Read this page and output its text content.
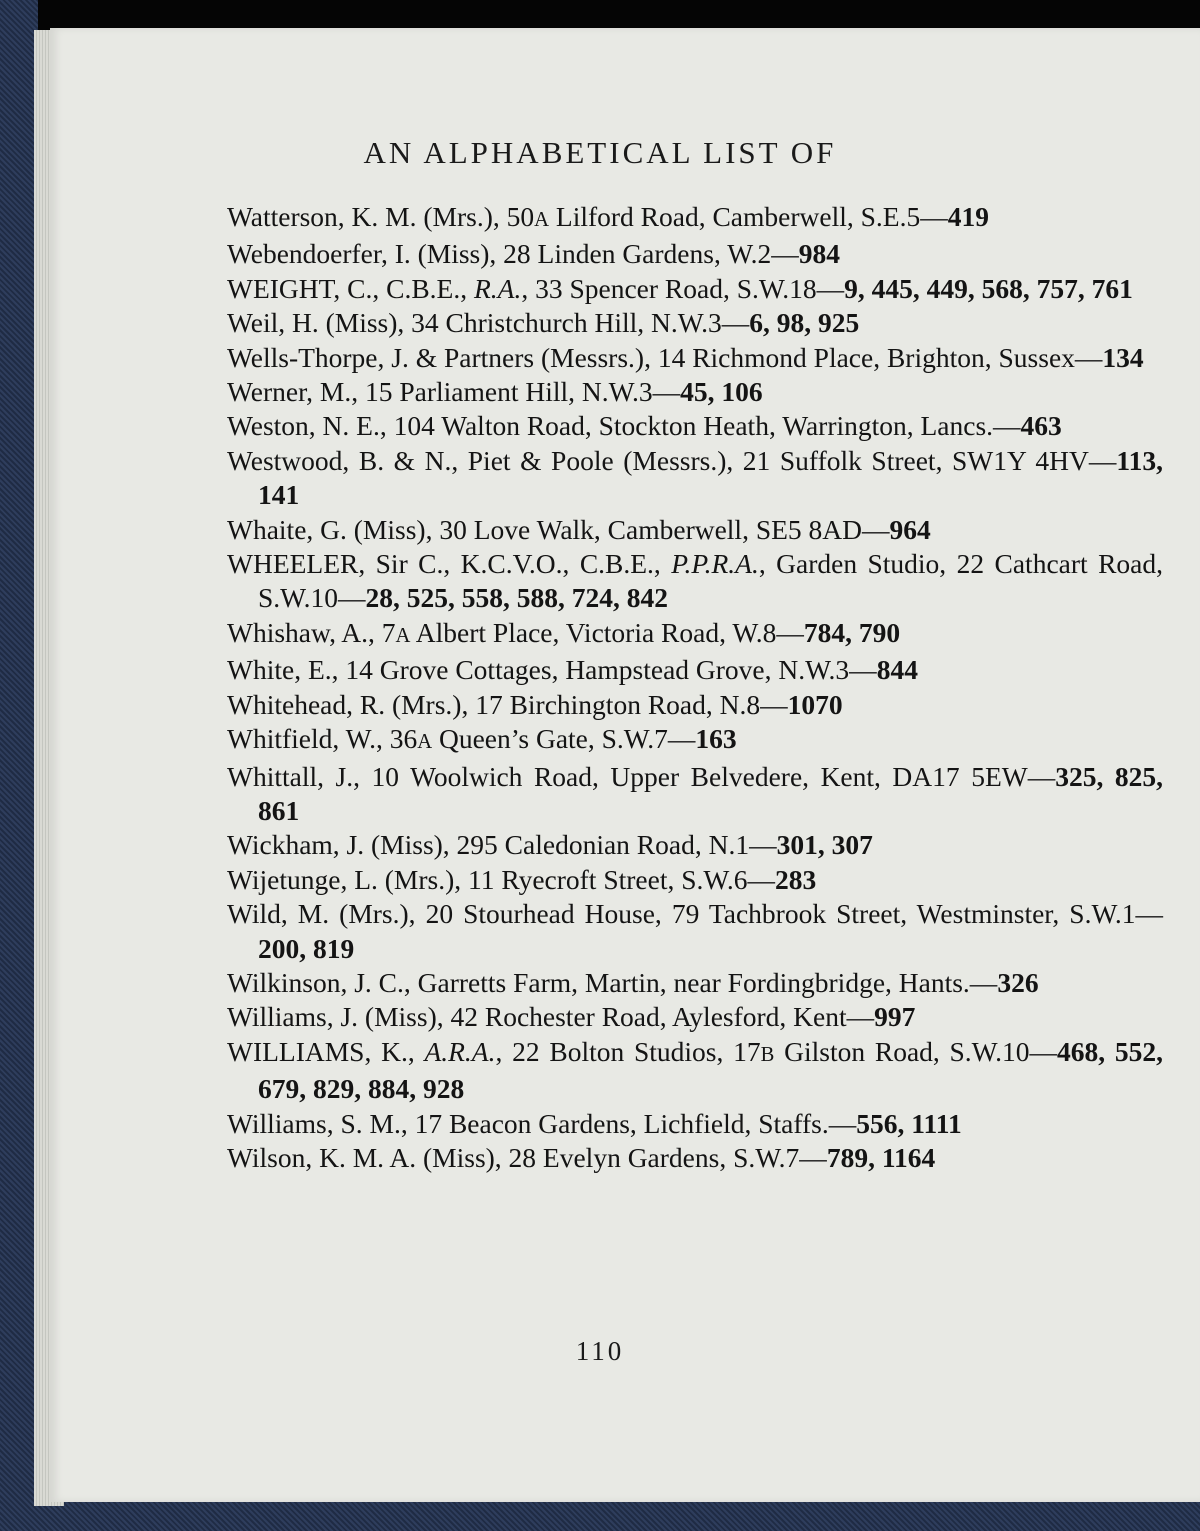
AN ALPHABETICAL LIST OF
Watterson, K. M. (Mrs.), 50A Lilford Road, Camberwell, S.E.5—419
Webendoerfer, I. (Miss), 28 Linden Gardens, W.2—984
WEIGHT, C., C.B.E., R.A., 33 Spencer Road, S.W.18—9, 445, 449, 568, 757, 761
Weil, H. (Miss), 34 Christchurch Hill, N.W.3—6, 98, 925
Wells-Thorpe, J. & Partners (Messrs.), 14 Richmond Place, Brighton, Sussex—134
Werner, M., 15 Parliament Hill, N.W.3—45, 106
Weston, N. E., 104 Walton Road, Stockton Heath, Warrington, Lancs.—463
Westwood, B. & N., Piet & Poole (Messrs.), 21 Suffolk Street, SW1Y 4HV—113, 141
Whaite, G. (Miss), 30 Love Walk, Camberwell, SE5 8AD—964
WHEELER, Sir C., K.C.V.O., C.B.E., P.P.R.A., Garden Studio, 22 Cathcart Road, S.W.10—28, 525, 558, 588, 724, 842
Whishaw, A., 7A Albert Place, Victoria Road, W.8—784, 790
White, E., 14 Grove Cottages, Hampstead Grove, N.W.3—844
Whitehead, R. (Mrs.), 17 Birchington Road, N.8—1070
Whitfield, W., 36A Queen’s Gate, S.W.7—163
Whittall, J., 10 Woolwich Road, Upper Belvedere, Kent, DA17 5EW—325, 825, 861
Wickham, J. (Miss), 295 Caledonian Road, N.1—301, 307
Wijetunge, L. (Mrs.), 11 Ryecroft Street, S.W.6—283
Wild, M. (Mrs.), 20 Stourhead House, 79 Tachbrook Street, Westminster, S.W.1—200, 819
Wilkinson, J. C., Garretts Farm, Martin, near Fordingbridge, Hants.—326
Williams, J. (Miss), 42 Rochester Road, Aylesford, Kent—997
WILLIAMS, K., A.R.A., 22 Bolton Studios, 17B Gilston Road, S.W.10—468, 552, 679, 829, 884, 928
Williams, S. M., 17 Beacon Gardens, Lichfield, Staffs.—556, 1111
Wilson, K. M. A. (Miss), 28 Evelyn Gardens, S.W.7—789, 1164
110
